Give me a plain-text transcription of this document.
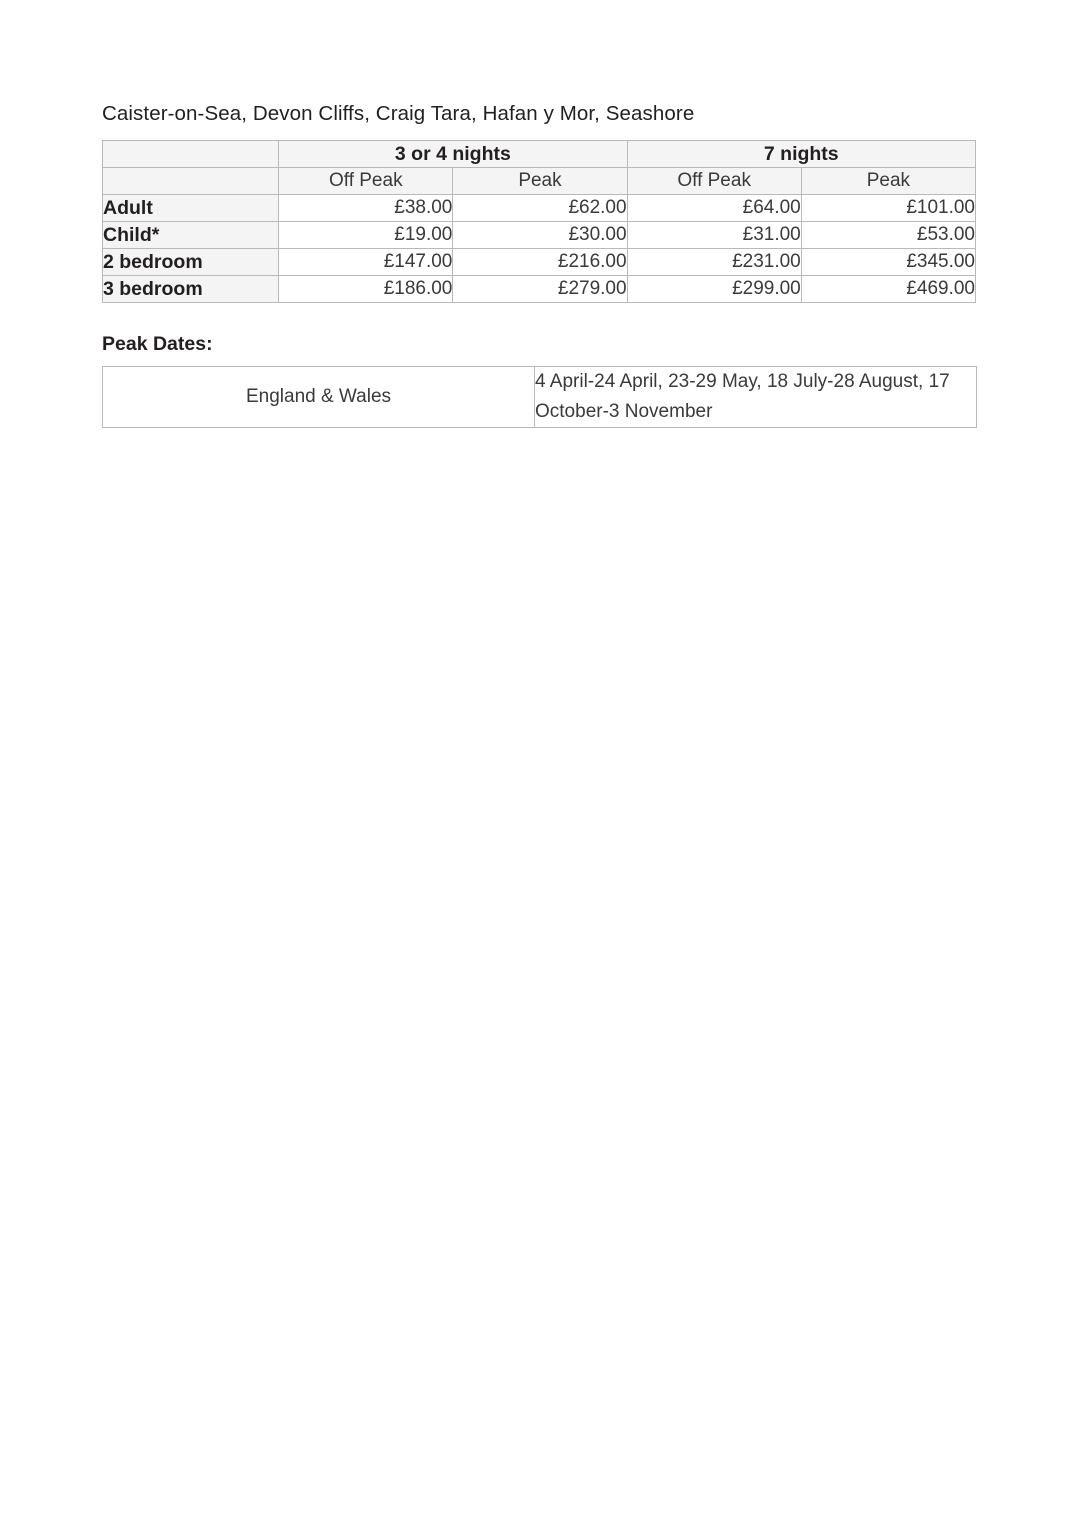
Caister-on-Sea, Devon Cliffs, Craig Tara, Hafan y Mor, Seashore
	3 or 4 nights		7 nights	
	Off Peak	Peak	Off Peak	Peak
Adult	£38.00	£62.00	£64.00	£101.00
Child*	£19.00	£30.00	£31.00	£53.00
2 bedroom	£147.00	£216.00	£231.00	£345.00
3 bedroom	£186.00	£279.00	£299.00	£469.00
Peak Dates:
England & Wales	4 April-24 April, 23-29 May, 18 July-28 August, 17 October-3 November
